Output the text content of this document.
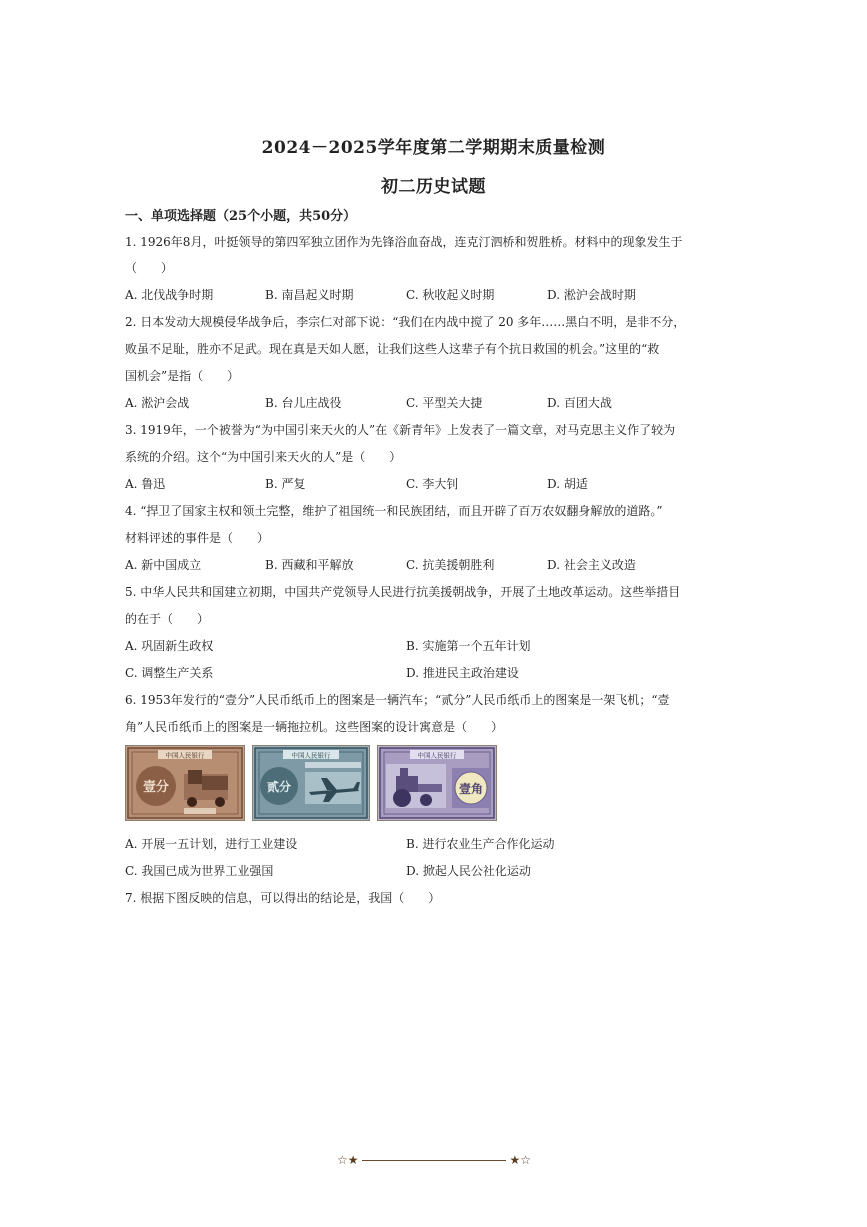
2024－2025学年度第二学期期末质量检测
初二历史试题
一、单项选择题（25个小题，共50分）
1. 1926年8月，叶挺领导的第四军独立团作为先锋浴血奋战，连克汀泗桥和贺胜桥。材料中的现象发生于
（　　）
A. 北伐战争时期	B. 南昌起义时期	C. 秋收起义时期	D. 淞沪会战时期
2. 日本发动大规模侵华战争后，李宗仁对部下说：“我们在内战中搅了 20 多年……黑白不明，是非不分，
败虽不足耻，胜亦不足武。现在真是天如人愿，让我们这些人这辈子有个抗日救国的机会。”这里的“救
国机会”是指（　　）
A. 淞沪会战	B. 台儿庄战役	C. 平型关大捷	D. 百团大战
3. 1919年，一个被誉为“为中国引来天火的人”在《新青年》上发表了一篇文章，对马克思主义作了较为
系统的介绍。这个“为中国引来天火的人”是（　　）
A. 鲁迅	B. 严复	C. 李大钊	D. 胡适
4. “捍卫了国家主权和领土完整，维护了祖国统一和民族团结，而且开辟了百万农奴翻身解放的道路。”
材料评述的事件是（　　）
A. 新中国成立	B. 西藏和平解放	C. 抗美援朝胜利	D. 社会主义改造
5. 中华人民共和国建立初期，中国共产党领导人民进行抗美援朝战争，开展了土地改革运动。这些举措目
的在于（　　）
A. 巩固新生政权	B. 实施第一个五年计划
C. 调整生产关系	D. 推进民主政治建设
6. 1953年发行的“壹分”人民币纸币上的图案是一辆汽车；“贰分”人民币纸币上的图案是一架飞机；“壹
角”人民币纸币上的图案是一辆拖拉机。这些图案的设计寓意是（　　）
中国人民银行
壹分
中国人民银行
贰分
中国人民银行
壹角
A. 开展一五计划，进行工业建设	B. 进行农业生产合作化运动
C. 我国已成为世界工业强国	D. 掀起人民公社化运动
7. 根据下图反映的信息，可以得出的结论是，我国（　　）
☆★	★☆
